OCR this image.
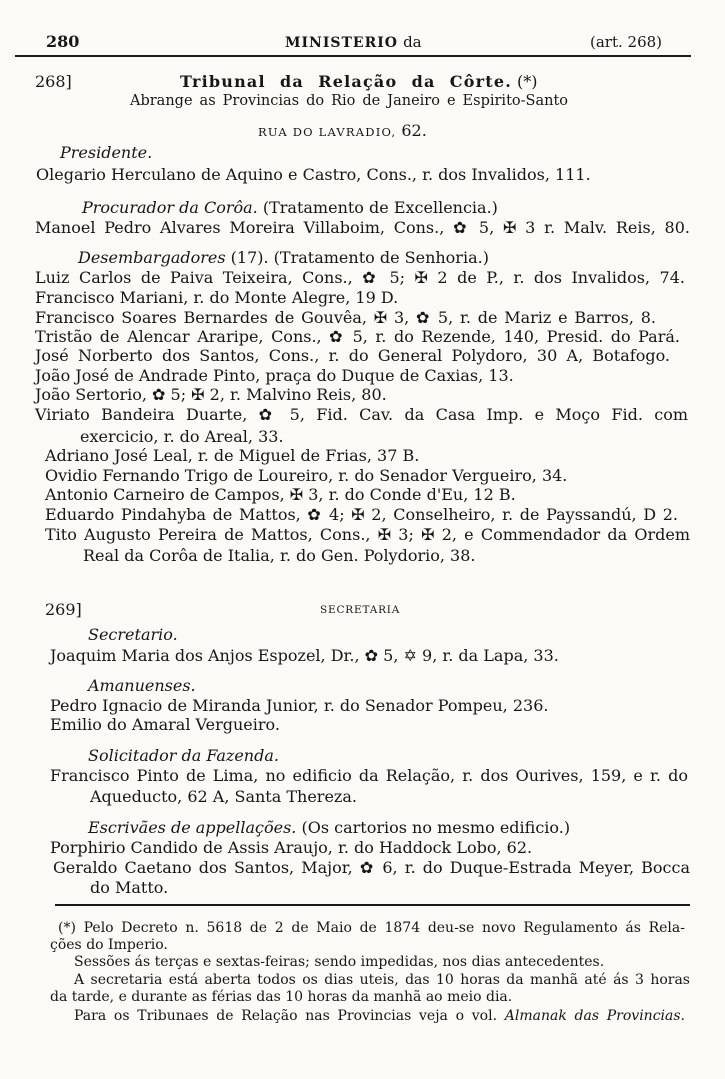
280	MINISTERIO da	(art. 268)
268]	Tribunal da Relação da Côrte. (*)
Abrange as Provincias do Rio de Janeiro e Espirito-Santo
RUA DO LAVRADIO, 62.
Presidente.
Olegario Herculano de Aquino e Castro, Cons., r. dos Invalidos, 111.
Procurador da Corôa. (Tratamento de Excellencia.)
Manoel Pedro Alvares Moreira Villaboim, Cons., ✿ 5, ✠ 3 r. Malv. Reis, 80.
Desembargadores (17). (Tratamento de Senhoria.)
Luiz Carlos de Paiva Teixeira, Cons., ✿ 5; ✠ 2 de P., r. dos Invalidos, 74.
Francisco Mariani, r. do Monte Alegre, 19 D.
Francisco Soares Bernardes de Gouvêa, ✠ 3, ✿ 5, r. de Mariz e Barros, 8.
Tristão de Alencar Araripe, Cons., ✿ 5, r. do Rezende, 140, Presid. do Pará.
José Norberto dos Santos, Cons., r. do General Polydoro, 30 A, Botafogo.
João José de Andrade Pinto, praça do Duque de Caxias, 13.
João Sertorio, ✿ 5; ✠ 2, r. Malvino Reis, 80.
Viriato Bandeira Duarte, ✿ 5, Fid. Cav. da Casa Imp. e Moço Fid. com
exercicio, r. do Areal, 33.
Adriano José Leal, r. de Miguel de Frias, 37 B.
Ovidio Fernando Trigo de Loureiro, r. do Senador Vergueiro, 34.
Antonio Carneiro de Campos, ✠ 3, r. do Conde d'Eu, 12 B.
Eduardo Pindahyba de Mattos, ✿ 4; ✠ 2, Conselheiro, r. de Payssandú, D 2.
Tito Augusto Pereira de Mattos, Cons., ✠ 3; ✠ 2, e Commendador da Ordem
Real da Corôa de Italia, r. do Gen. Polydorio, 38.
269]	SECRETARIA
Secretario.
Joaquim Maria dos Anjos Espozel, Dr., ✿ 5, ✡ 9, r. da Lapa, 33.
Amanuenses.
Pedro Ignacio de Miranda Junior, r. do Senador Pompeu, 236.
Emilio do Amaral Vergueiro.
Solicitador da Fazenda.
Francisco Pinto de Lima, no edificio da Relação, r. dos Ourives, 159, e r. do
Aqueducto, 62 A, Santa Thereza.
Escrivães de appellações. (Os cartorios no mesmo edificio.)
Porphirio Candido de Assis Araujo, r. do Haddock Lobo, 62.
Geraldo Caetano dos Santos, Major, ✿ 6, r. do Duque-Estrada Meyer, Bocca
do Matto.
(*) Pelo Decreto n. 5618 de 2 de Maio de 1874 deu-se novo Regulamento ás Rela-
ções do Imperio.
Sessões ás terças e sextas-feiras; sendo impedidas, nos dias antecedentes.
A secretaria está aberta todos os dias uteis, das 10 horas da manhã até ás 3 horas
da tarde, e durante as férias das 10 horas da manhã ao meio dia.
Para os Tribunaes de Relação nas Provincias veja o vol. Almanak das Provincias.
